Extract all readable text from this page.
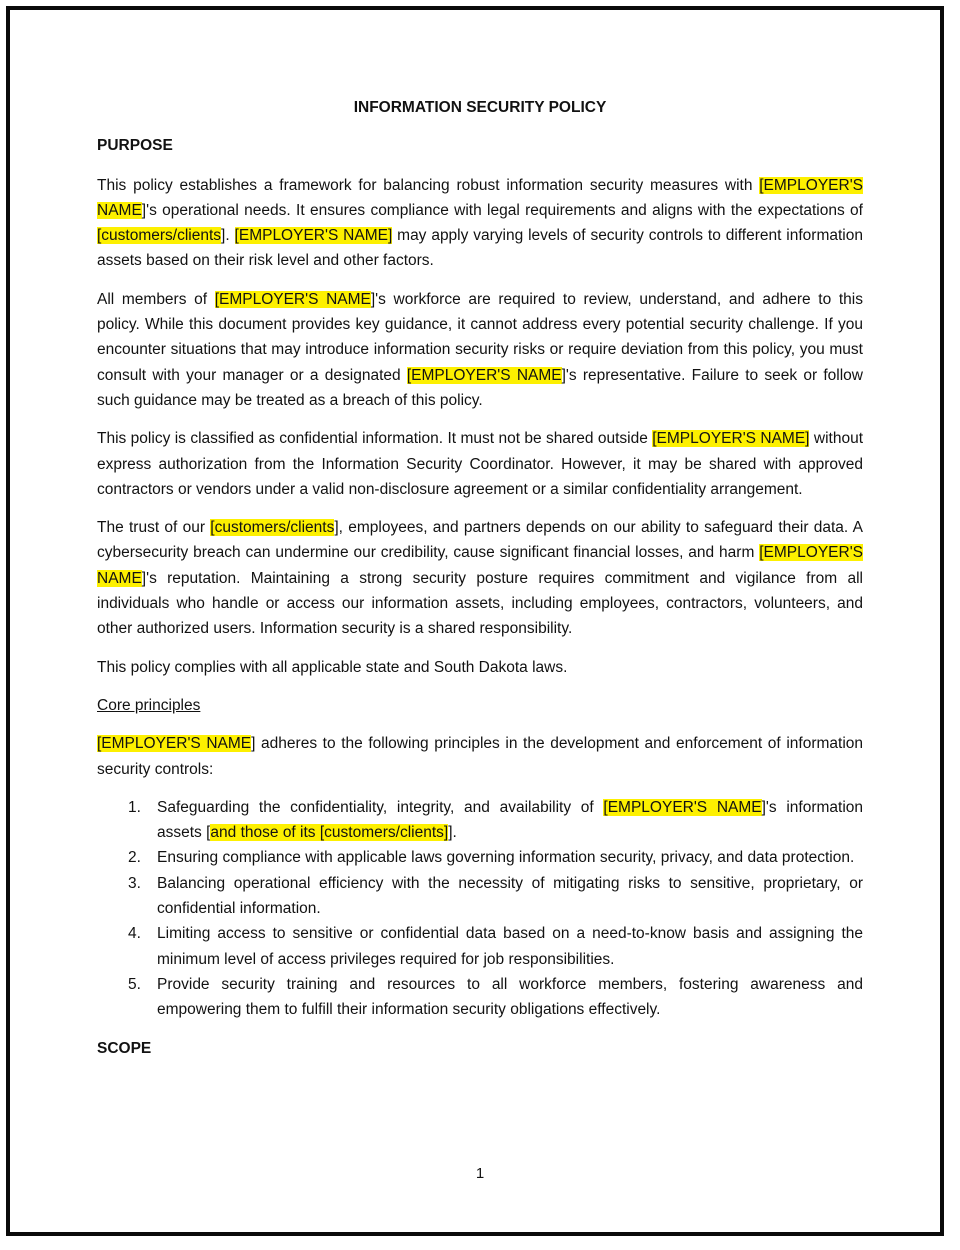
INFORMATION SECURITY POLICY
PURPOSE

This policy establishes a framework for balancing robust information security measures with [EMPLOYER'S NAME]'s operational needs. It ensures compliance with legal requirements and aligns with the expectations of [customers/clients]. [EMPLOYER'S NAME] may apply varying levels of security controls to different information assets based on their risk level and other factors.

All members of [EMPLOYER'S NAME]'s workforce are required to review, understand, and adhere to this policy. While this document provides key guidance, it cannot address every potential security challenge. If you encounter situations that may introduce information security risks or require deviation from this policy, you must consult with your manager or a designated [EMPLOYER'S NAME]'s representative. Failure to seek or follow such guidance may be treated as a breach of this policy.

This policy is classified as confidential information. It must not be shared outside [EMPLOYER'S NAME] without express authorization from the Information Security Coordinator. However, it may be shared with approved contractors or vendors under a valid non-disclosure agreement or a similar confidentiality arrangement.

The trust of our [customers/clients], employees, and partners depends on our ability to safeguard their data. A cybersecurity breach can undermine our credibility, cause significant financial losses, and harm [EMPLOYER'S NAME]'s reputation. Maintaining a strong security posture requires commitment and vigilance from all individuals who handle or access our information assets, including employees, contractors, volunteers, and other authorized users. Information security is a shared responsibility.

This policy complies with all applicable state and South Dakota laws.

Core principles

[EMPLOYER'S NAME] adheres to the following principles in the development and enforcement of information security controls:

1.	Safeguarding the confidentiality, integrity, and availability of [EMPLOYER'S NAME]'s information assets [and those of its [customers/clients]].
2.	Ensuring compliance with applicable laws governing information security, privacy, and data protection.
3.	Balancing operational efficiency with the necessity of mitigating risks to sensitive, proprietary, or confidential information.
4.	Limiting access to sensitive or confidential data based on a need-to-know basis and assigning the minimum level of access privileges required for job responsibilities.
5.	Provide security training and resources to all workforce members, fostering awareness and empowering them to fulfill their information security obligations effectively.
SCOPE
1
